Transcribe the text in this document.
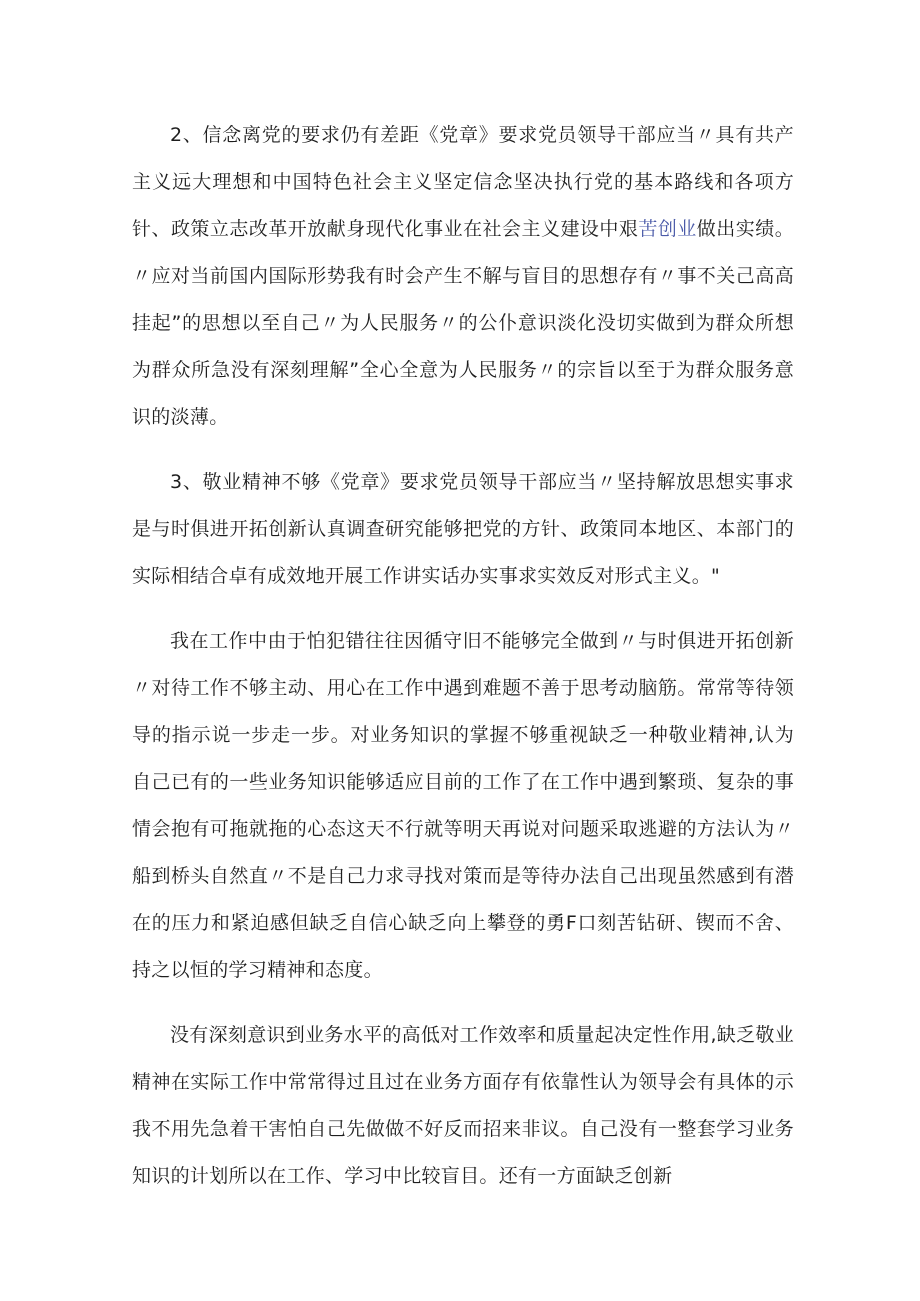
2、信念离党的要求仍有差距《党章》要求党员领导干部应当〃具有共产主义远大理想和中国特色社会主义坚定信念坚决执行党的基本路线和各项方针、政策立志改革开放献身现代化事业在社会主义建设中艰苦创业做出实绩。〃应对当前国内国际形势我有时会产生不解与盲目的思想存有〃事不关己高高挂起”的思想以至自己〃为人民服务〃的公仆意识淡化没切实做到为群众所想为群众所急没有深刻理解”全心全意为人民服务〃的宗旨以至于为群众服务意识的淡薄。

3、敬业精神不够《党章》要求党员领导干部应当〃坚持解放思想实事求是与时俱进开拓创新认真调查研究能够把党的方针、政策同本地区、本部门的实际相结合卓有成效地开展工作讲实话办实事求实效反对形式主义。"

我在工作中由于怕犯错往往因循守旧不能够完全做到〃与时俱进开拓创新〃对待工作不够主动、用心在工作中遇到难题不善于思考动脑筋。常常等待领导的指示说一步走一步。对业务知识的掌握不够重视缺乏一种敬业精神,认为自己已有的一些业务知识能够适应目前的工作了在工作中遇到繁琐、复杂的事情会抱有可拖就拖的心态这天不行就等明天再说对问题采取逃避的方法认为〃船到桥头自然直〃不是自己力求寻找对策而是等待办法自己出现虽然感到有潜在的压力和紧迫感但缺乏自信心缺乏向上攀登的勇F口刻苦钻研、锲而不舍、持之以恒的学习精神和态度。

没有深刻意识到业务水平的高低对工作效率和质量起决定性作用,缺乏敬业精神在实际工作中常常得过且过在业务方面存有依靠性认为领导会有具体的示我不用先急着干害怕自己先做做不好反而招来非议。自己没有一整套学习业务知识的计划所以在工作、学习中比较盲目。还有一方面缺乏创新
